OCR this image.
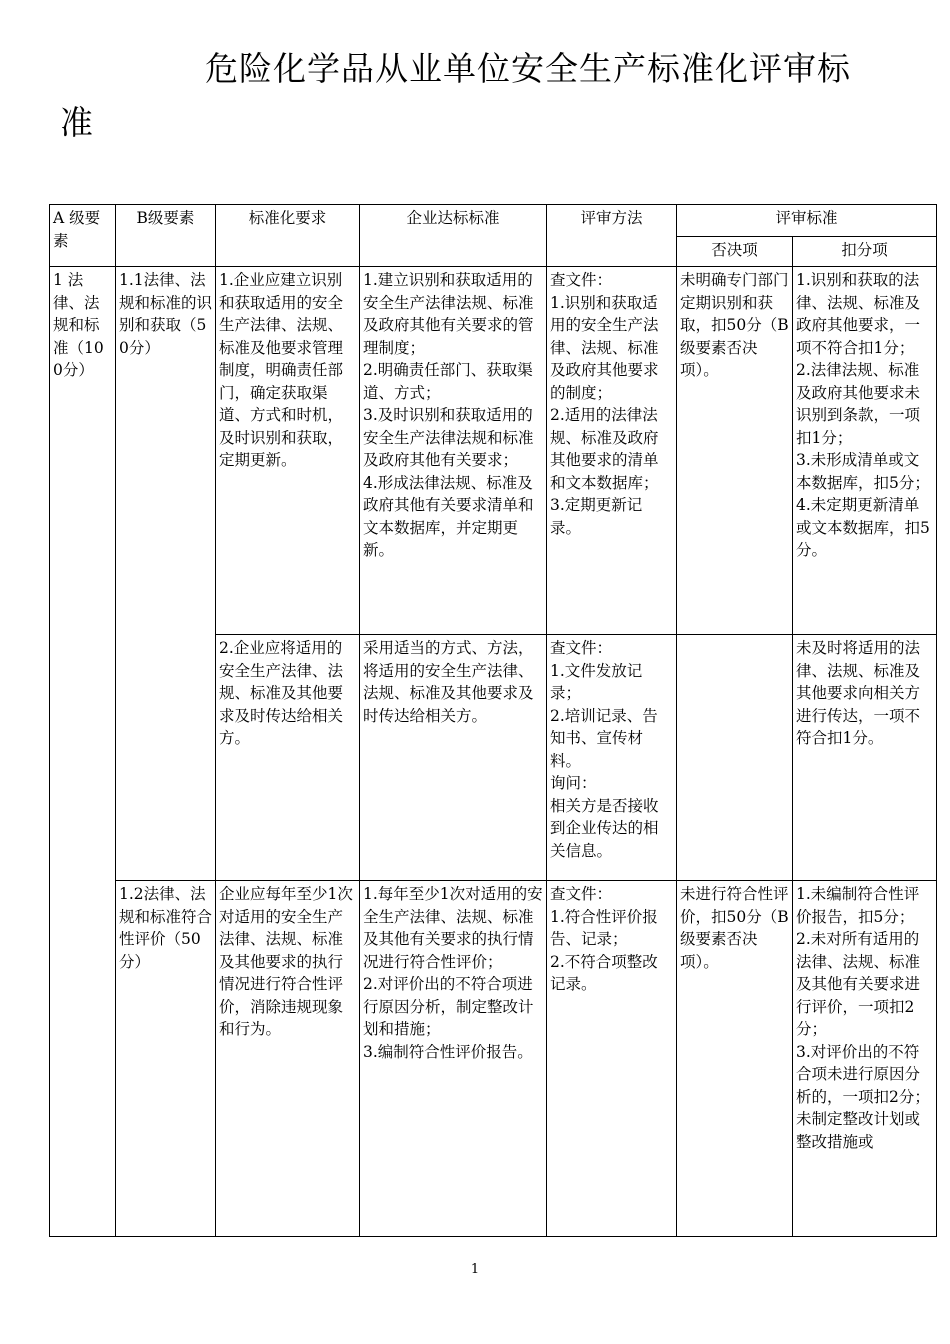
危险化学品从业单位安全生产标准化评审标
准
A 级要素	B级要素	标准化要求	企业达标标准	评审方法	评审标准	
					否决项	扣分项
1 法律、法规和标准（100分）	1.1法律、法规和标准的识别和获取（50分）	1.企业应建立识别和获取适用的安全生产法律、法规、标准及他要求管理制度，明确责任部门，确定获取渠道、方式和时机，及时识别和获取，定期更新。	1.建立识别和获取适用的安全生产法律法规、标准及政府其他有关要求的管理制度；
2.明确责任部门、获取渠道、方式；
3.及时识别和获取适用的安全生产法律法规和标准及政府其他有关要求；
4.形成法律法规、标准及政府其他有关要求清单和文本数据库，并定期更新。	查文件：
1.识别和获取适用的安全生产法律、法规、标准及政府其他要求的制度；
2.适用的法律法规、标准及政府其他要求的清单和文本数据库；
3.定期更新记录。	未明确专门部门定期识别和获取，扣50分（B级要素否决项）。	1.识别和获取的法律、法规、标准及政府其他要求，一项不符合扣1分；
2.法律法规、标准及政府其他要求未识别到条款，一项扣1分；
3.未形成清单或文本数据库，扣5分；
4.未定期更新清单或文本数据库，扣5分。

		2.企业应将适用的安全生产法律、法规、标准及其他要求及时传达给相关方。	采用适当的方式、方法，将适用的安全生产法律、法规、标准及其他要求及时传达给相关方。	查文件：
1.文件发放记录；
2.培训记录、告知书、宣传材料。
询问：
相关方是否接收到企业传达的相关信息。		未及时将适用的法律、法规、标准及其他要求向相关方进行传达，一项不符合扣1分。

	1.2法律、法规和标准符合性评价（50分）	企业应每年至少1次对适用的安全生产法律、法规、标准及其他要求的执行情况进行符合性评价，消除违规现象和行为。	1.每年至少1次对适用的安全生产法律、法规、标准及其他有关要求的执行情况进行符合性评价；
2.对评价出的不符合项进行原因分析，制定整改计划和措施；
3.编制符合性评价报告。	查文件：
1.符合性评价报告、记录；
2.不符合项整改记录。	未进行符合性评价，扣50分（B级要素否决项）。	1.未编制符合性评价报告，扣5分；
2.未对所有适用的法律、法规、标准及其他有关要求进行评价，一项扣2分；
3.对评价出的不符合项未进行原因分析的，一项扣2分；未制定整改计划或整改措施或
1
